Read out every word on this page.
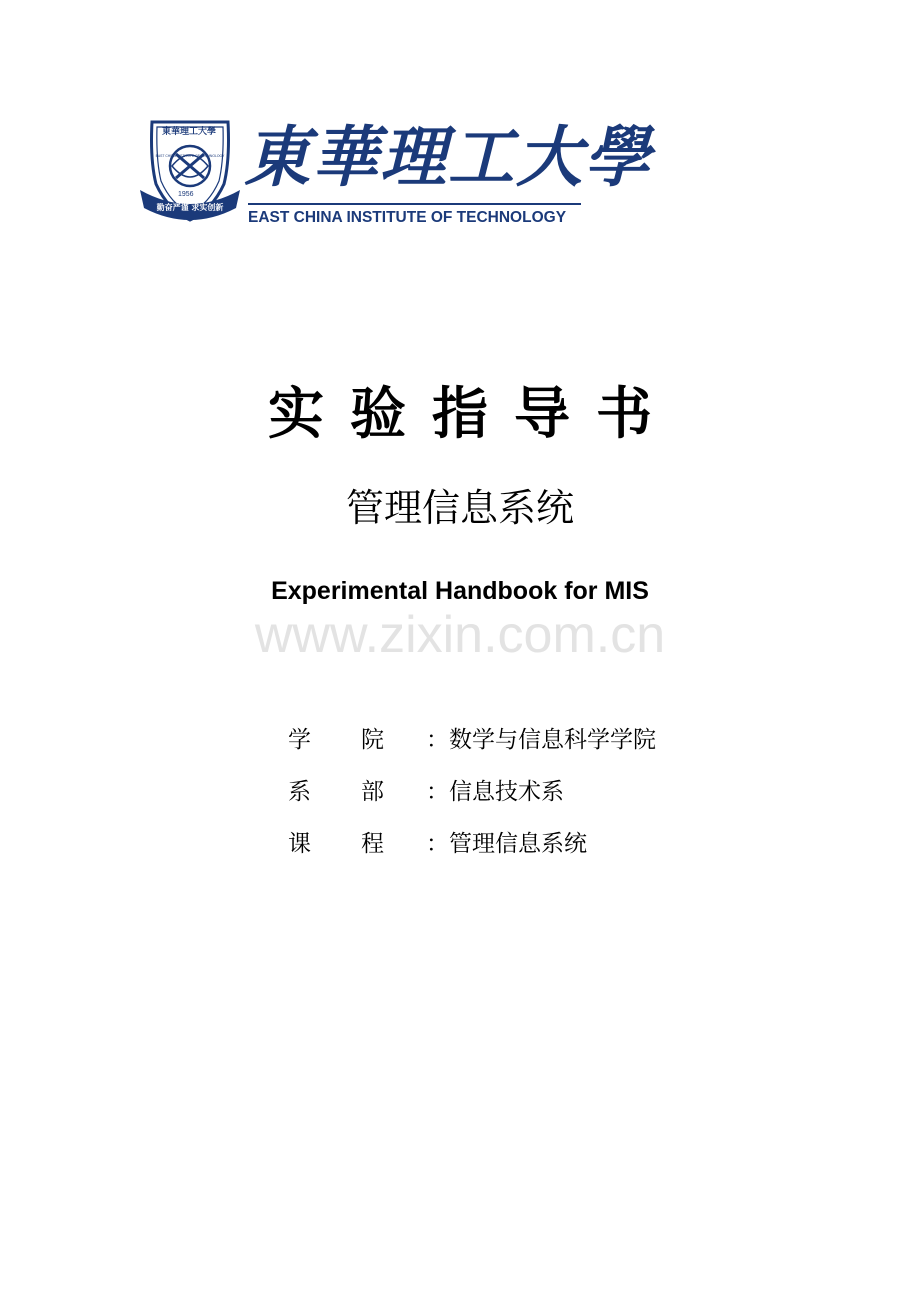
東華理工大學
EAST CHINA INSTITUTE OF TECHNOLOGY
1956
勤奋严谨 求实创新
東華理工大學
EAST CHINA INSTITUTE OF TECHNOLOGY
实验指导书
管理信息系统
Experimental Handbook for MIS
www.zixin.com.cn
学院：数学与信息科学学院
系部：信息技术系
课程：管理信息系统
